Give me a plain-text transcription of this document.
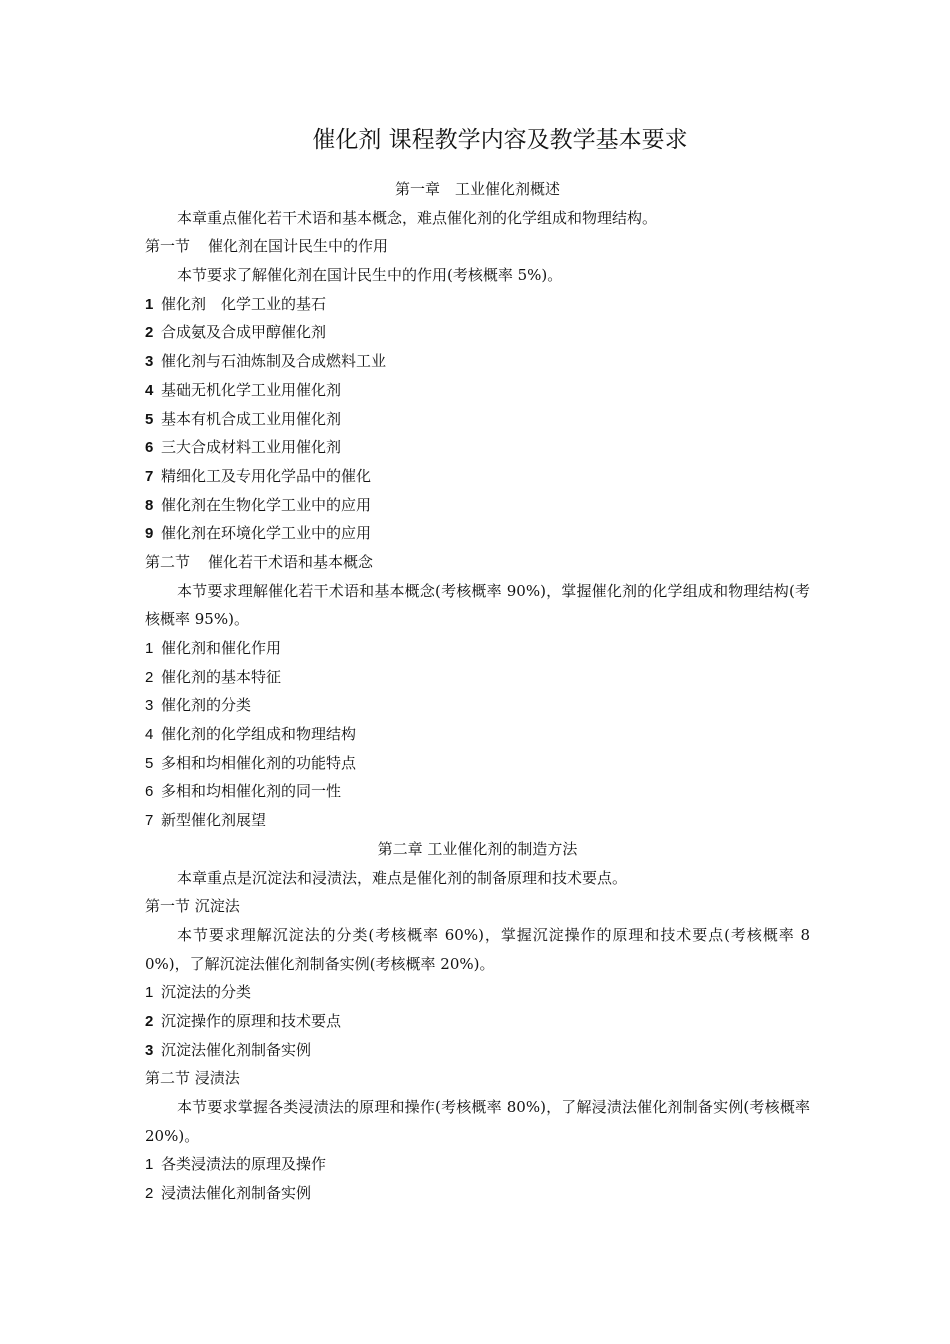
催化剂 课程教学内容及教学基本要求
第一章　工业催化剂概述
本章重点催化若干术语和基本概念，难点催化剂的化学组成和物理结构。
第一节 催化剂在国计民生中的作用
本节要求了解催化剂在国计民生中的作用(考核概率 5%)。
1 催化剂　化学工业的基石
2 合成氨及合成甲醇催化剂
3 催化剂与石油炼制及合成燃料工业
4 基础无机化学工业用催化剂
5 基本有机合成工业用催化剂
6 三大合成材料工业用催化剂
7 精细化工及专用化学品中的催化
8 催化剂在生物化学工业中的应用
9 催化剂在环境化学工业中的应用
第二节 催化若干术语和基本概念
本节要求理解催化若干术语和基本概念(考核概率 90%)，掌握催化剂的化学组成和物理结构(考核概率 95%)。
1 催化剂和催化作用
2 催化剂的基本特征
3 催化剂的分类
4 催化剂的化学组成和物理结构
5 多相和均相催化剂的功能特点
6 多相和均相催化剂的同一性
7 新型催化剂展望
第二章 工业催化剂的制造方法
本章重点是沉淀法和浸渍法，难点是催化剂的制备原理和技术要点。
第一节 沉淀法
本节要求理解沉淀法的分类(考核概率 60%)，掌握沉淀操作的原理和技术要点(考核概率 80%)，了解沉淀法催化剂制备实例(考核概率 20%)。
1 沉淀法的分类
2 沉淀操作的原理和技术要点
3 沉淀法催化剂制备实例
第二节 浸渍法
本节要求掌握各类浸渍法的原理和操作(考核概率 80%)，了解浸渍法催化剂制备实例(考核概率 20%)。
1 各类浸渍法的原理及操作
2 浸渍法催化剂制备实例
